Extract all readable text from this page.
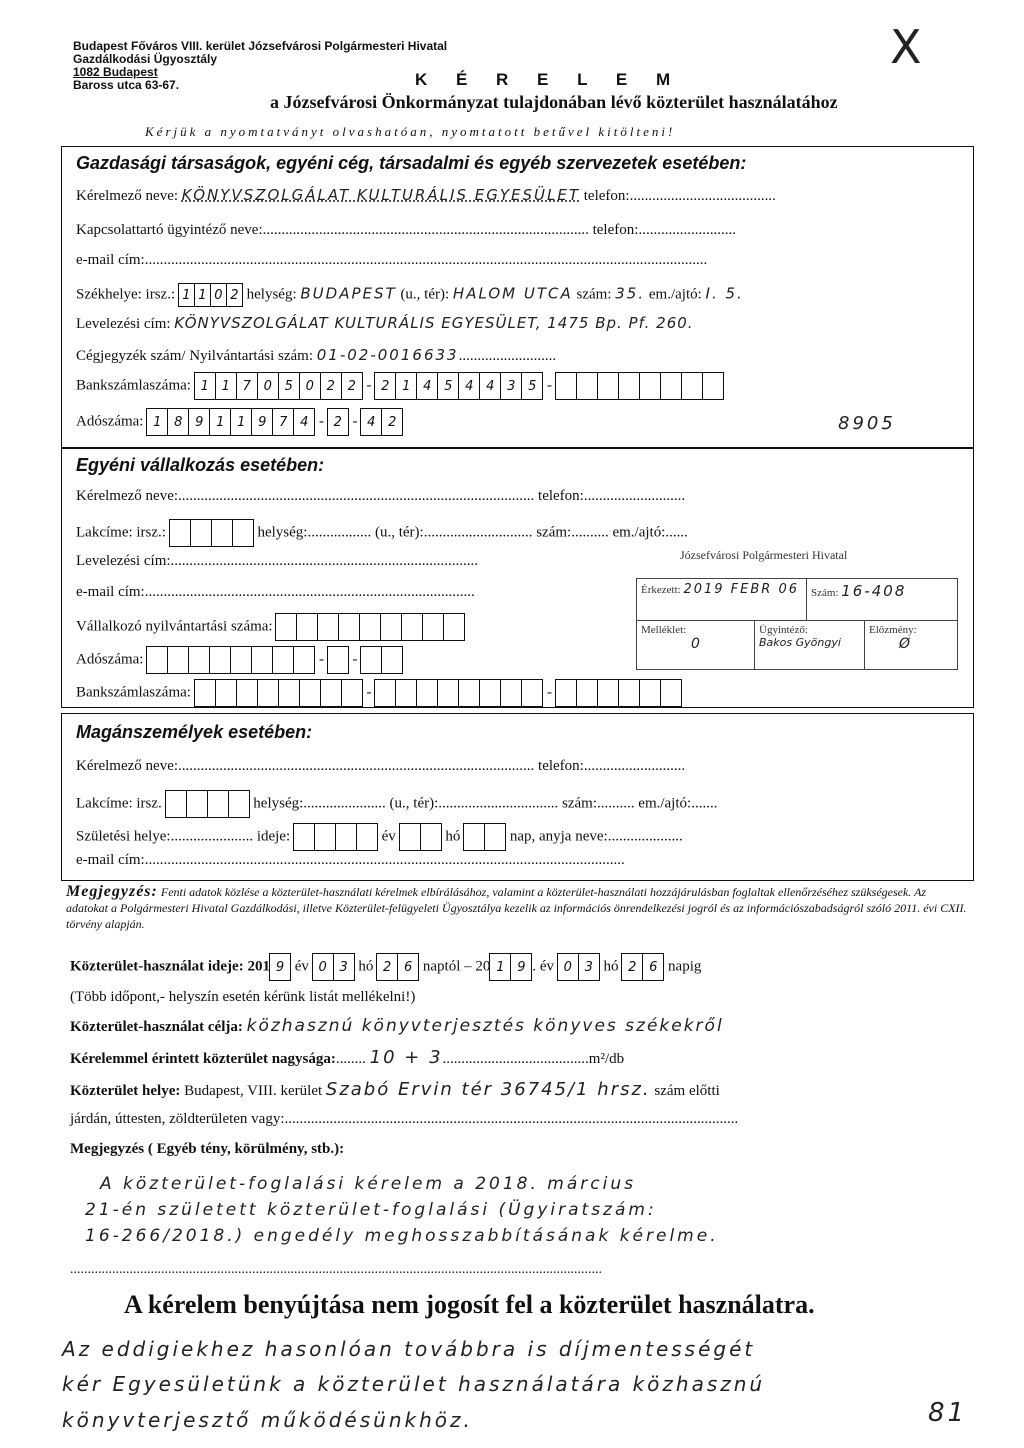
Budapest Főváros VIII. kerület Józsefvárosi Polgármesteri Hivatal
Gazdálkodási Ügyosztály
1082 Budapest
Baross utca 63-67.	K É R E L E M
a Józsefvárosi Önkormányzat tulajdonában lévő közterület használatához
Kérjük a nyomtatványt olvashatóan, nyomtatott betűvel kitölteni!
X
Gazdasági társaságok, egyéni cég, társadalmi és egyéb szervezetek esetében:
Kérelmező neve: KÖNYVSZOLGÁLAT KULTURÁLIS EGYESÜLET telefon:.......................................
Kapcsolattartó ügyintéző neve:....................................................................................... telefon:..........................
e-mail cím:......................................................................................................................................................
Székhelye: irsz.: 1 1 0 2 helység: BUDAPEST (u., tér): HALOM UTCA szám: 35. em./ajtó: I. 5.
Levelezési cím: KÖNYVSZOLGÁLAT KULTURÁLIS EGYESÜLET, 1475 Bp. Pf. 260.
Cégjegyzék szám/ Nyilvántartási szám: 01-02-0016633..........................
Bankszámlaszáma: 1 1 7 0 5 0 2 2 - 2 1 4 5 4 4 3 5 -
Adószáma: 1 8 9 1 1 9 7 4 - 2 - 4 2	8905
Egyéni vállalkozás esetében:
Kérelmező neve:............................................................................................... telefon:...........................
Lakcíme: irsz.:	helység:................. (u., tér):............................. szám:.......... em./ajtó:......
Levelezési cím:..................................................................................
e-mail cím:........................................................................................
Vállalkozó nyilvántartási száma:
Adószáma:	-
-
Bankszámlaszáma:	-	-
Józsefvárosi Polgármesteri Hivatal
Érkezett: 2019 FEBR 06	Szám: 16-408
Melléklet:
0
Ügyintéző:
Bakos Gyöngyi
Előzmény:
Ø
Magánszemélyek esetében:
Kérelmező neve:............................................................................................... telefon:...........................
Lakcíme: irsz.	helység:...................... (u., tér):................................ szám:.......... em./ajtó:.......
Születési helye:...................... ideje:	év	hó	nap, anyja neve:....................
e-mail cím:................................................................................................................................
Megjegyzés: Fenti adatok közlése a közterület-használati kérelmek elbírálásához, valamint a közterület-használati hozzájárulásban foglaltak ellenőrzéséhez szükségesek. Az adatokat a Polgármesteri Hivatal Gazdálkodási, illetve Közterület-felügyeleti Ügyosztálya kezelik az információs önrendelkezési jogról és az információszabadságról szóló 2011. évi CXII. törvény alapján.
Közterület-használat ideje: 201 9 év 0 3 hó 2 6 naptól – 20 1 9 . év 0 3 hó 2 6 napig
(Több időpont,- helyszín esetén kérünk listát mellékelni!)
Közterület-használat célja: közhasznú könyvterjesztés könyves székekről
Kérelemmel érintett közterület nagysága:........ 10 + 3.......................................m²/db
Közterület helye: Budapest, VIII. kerület Szabó Ervin tér 36745/1 hrsz. szám előtti
járdán, úttesten, zöldterületen vagy:.........................................................................................................................
Megjegyzés ( Egyéb tény, körülmény, stb.):
A közterület-foglalási kérelem a 2018. március
21-én született közterület-foglalási (Ügyiratszám:
16-266/2018.) engedély meghosszabbításának kérelme.
........................................................................................................................................................
A kérelem benyújtása nem jogosít fel a közterület használatra.
Az eddigiekhez hasonlóan továbbra is díjmentességét
kér Egyesületünk a közterület használatára közhasznú
könyvterjesztő működésünkhöz.	81
